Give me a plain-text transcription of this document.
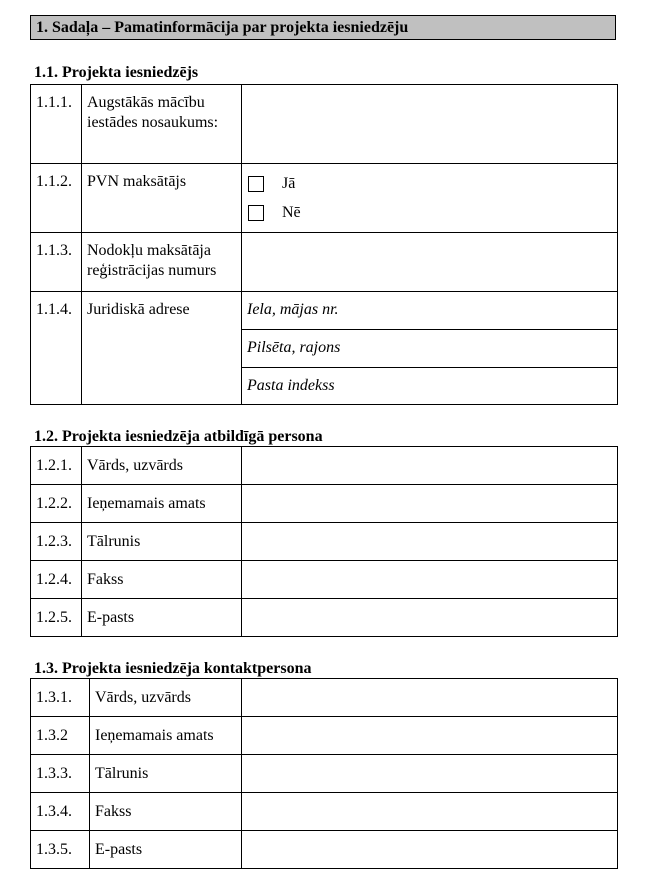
1. Sadaļa – Pamatinformācija par projekta iesniedzēju
1.1. Projekta iesniedzējs
1.1.1.	Augstākās mācību iestādes nosaukums:	
1.1.2.	PVN maksātājs	Jā
Nē

1.1.3.	Nodokļu maksātāja reģistrācijas numurs	
1.1.4.	Juridiskā adrese	Iela, mājas nr.
		Pilsēta, rajons
		Pasta indekss
1.2. Projekta iesniedzēja atbildīgā persona
1.2.1.	Vārds, uzvārds	
1.2.2.	Ieņemamais amats	
1.2.3.	Tālrunis	
1.2.4.	Fakss	
1.2.5.	E-pasts	
1.3. Projekta iesniedzēja kontaktpersona
1.3.1.	Vārds, uzvārds	
1.3.2	Ieņemamais amats	
1.3.3.	Tālrunis	
1.3.4.	Fakss	
1.3.5.	E-pasts	
